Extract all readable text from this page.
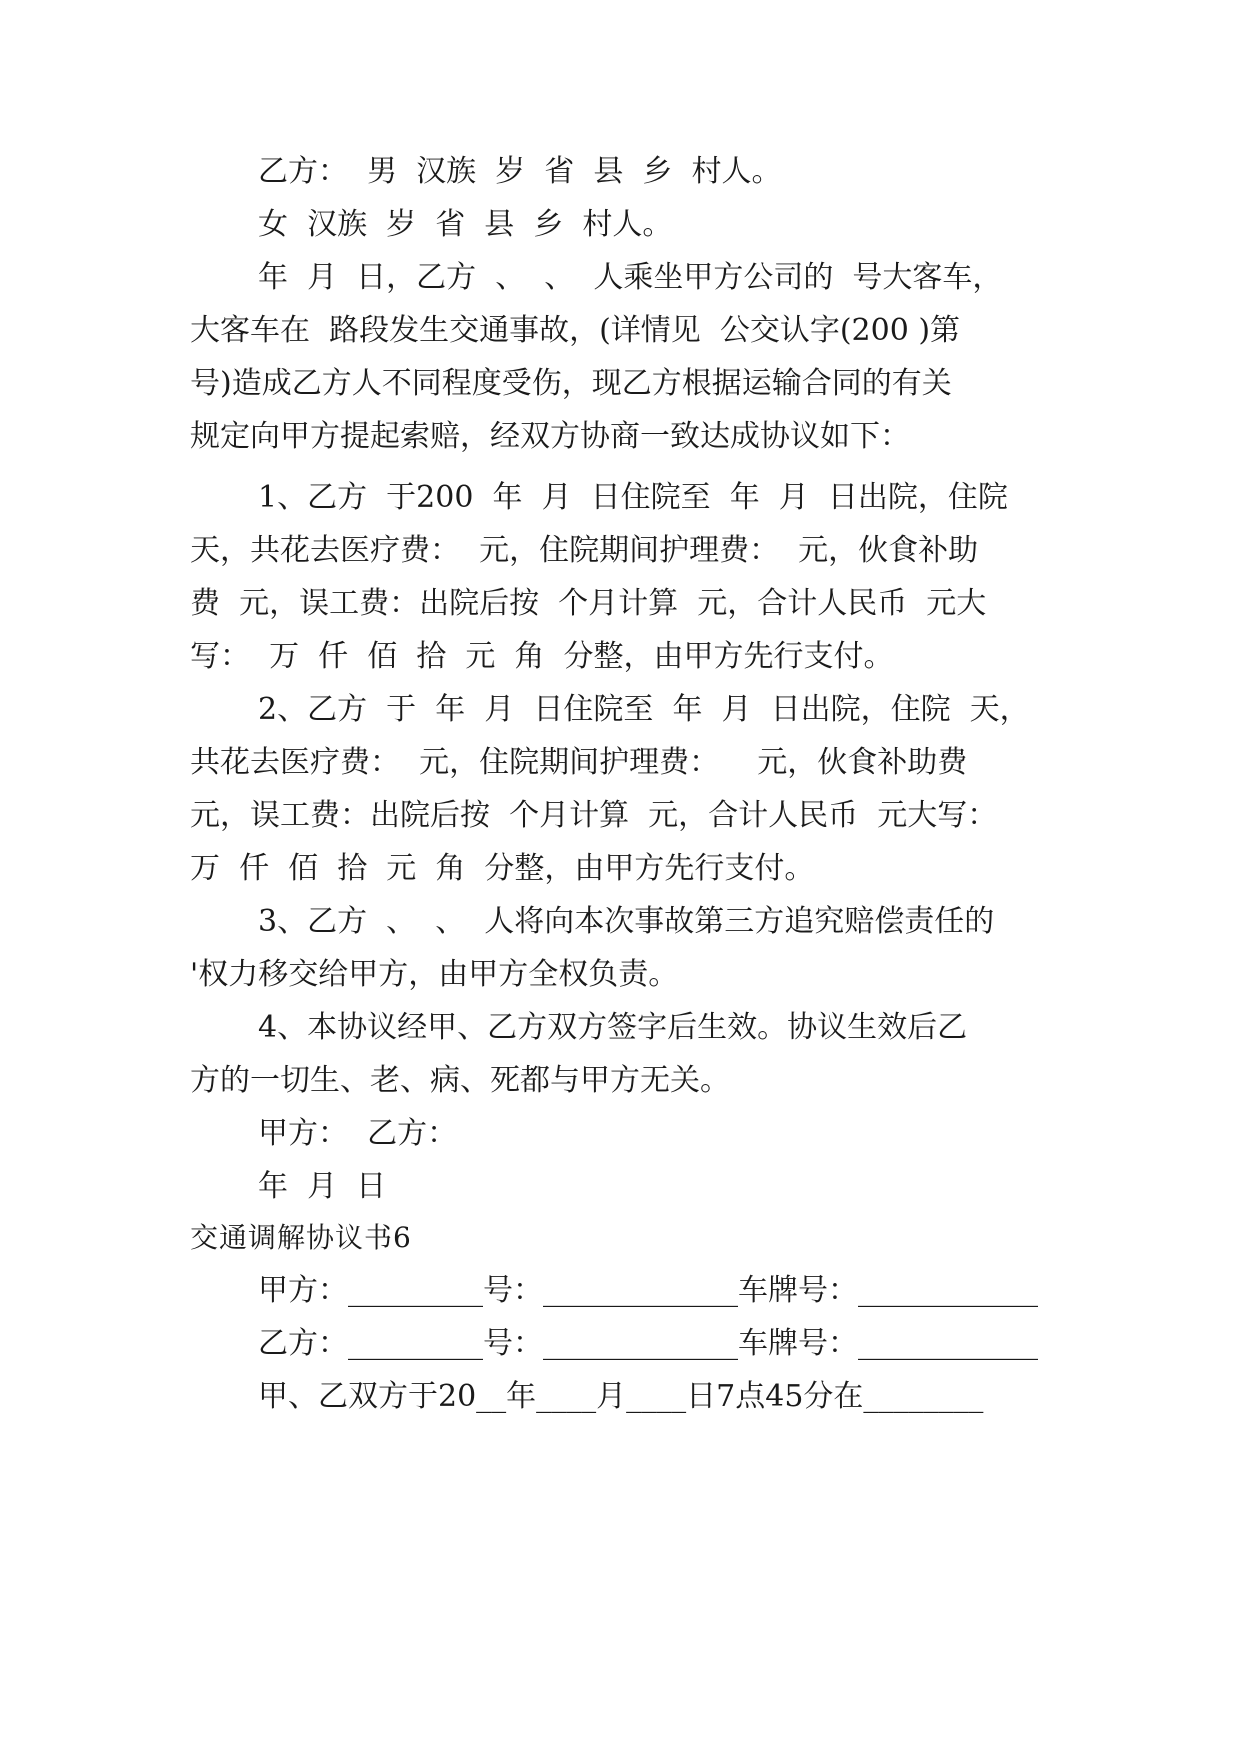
乙方：  男  汉族  岁  省  县  乡  村人。
女  汉族  岁  省  县  乡  村人。
年  月  日，乙方  、  、  人乘坐甲方公司的  号大客车，
大客车在  路段发生交通事故，(详情见  公交认字(200 )第
号)造成乙方人不同程度受伤，现乙方根据运输合同的有关
规定向甲方提起索赔，经双方协商一致达成协议如下：
1、乙方  于200  年  月  日住院至  年  月  日出院，住院
天，共花去医疗费：  元，住院期间护理费：  元，伙食补助
费  元，误工费：出院后按  个月计算  元，合计人民币  元大
写：  万  仟  佰  拾  元  角  分整，由甲方先行支付。
2、乙方  于  年  月  日住院至  年  月  日出院，住院  天，
共花去医疗费：  元，住院期间护理费：    元，伙食补助费
元，误工费：出院后按  个月计算  元，合计人民币  元大写：
万  仟  佰  拾  元  角  分整，由甲方先行支付。
3、乙方  、  、  人将向本次事故第三方追究赔偿责任的
'权力移交给甲方，由甲方全权负责。
4、本协议经甲、乙方双方签字后生效。协议生效后乙
方的一切生、老、病、死都与甲方无关。
甲方：  乙方：
年  月  日
交通调解协议书6
甲方：_________号：_____________车牌号：____________
乙方：_________号：_____________车牌号：____________
甲、乙双方于20__年____月____日7点45分在________
